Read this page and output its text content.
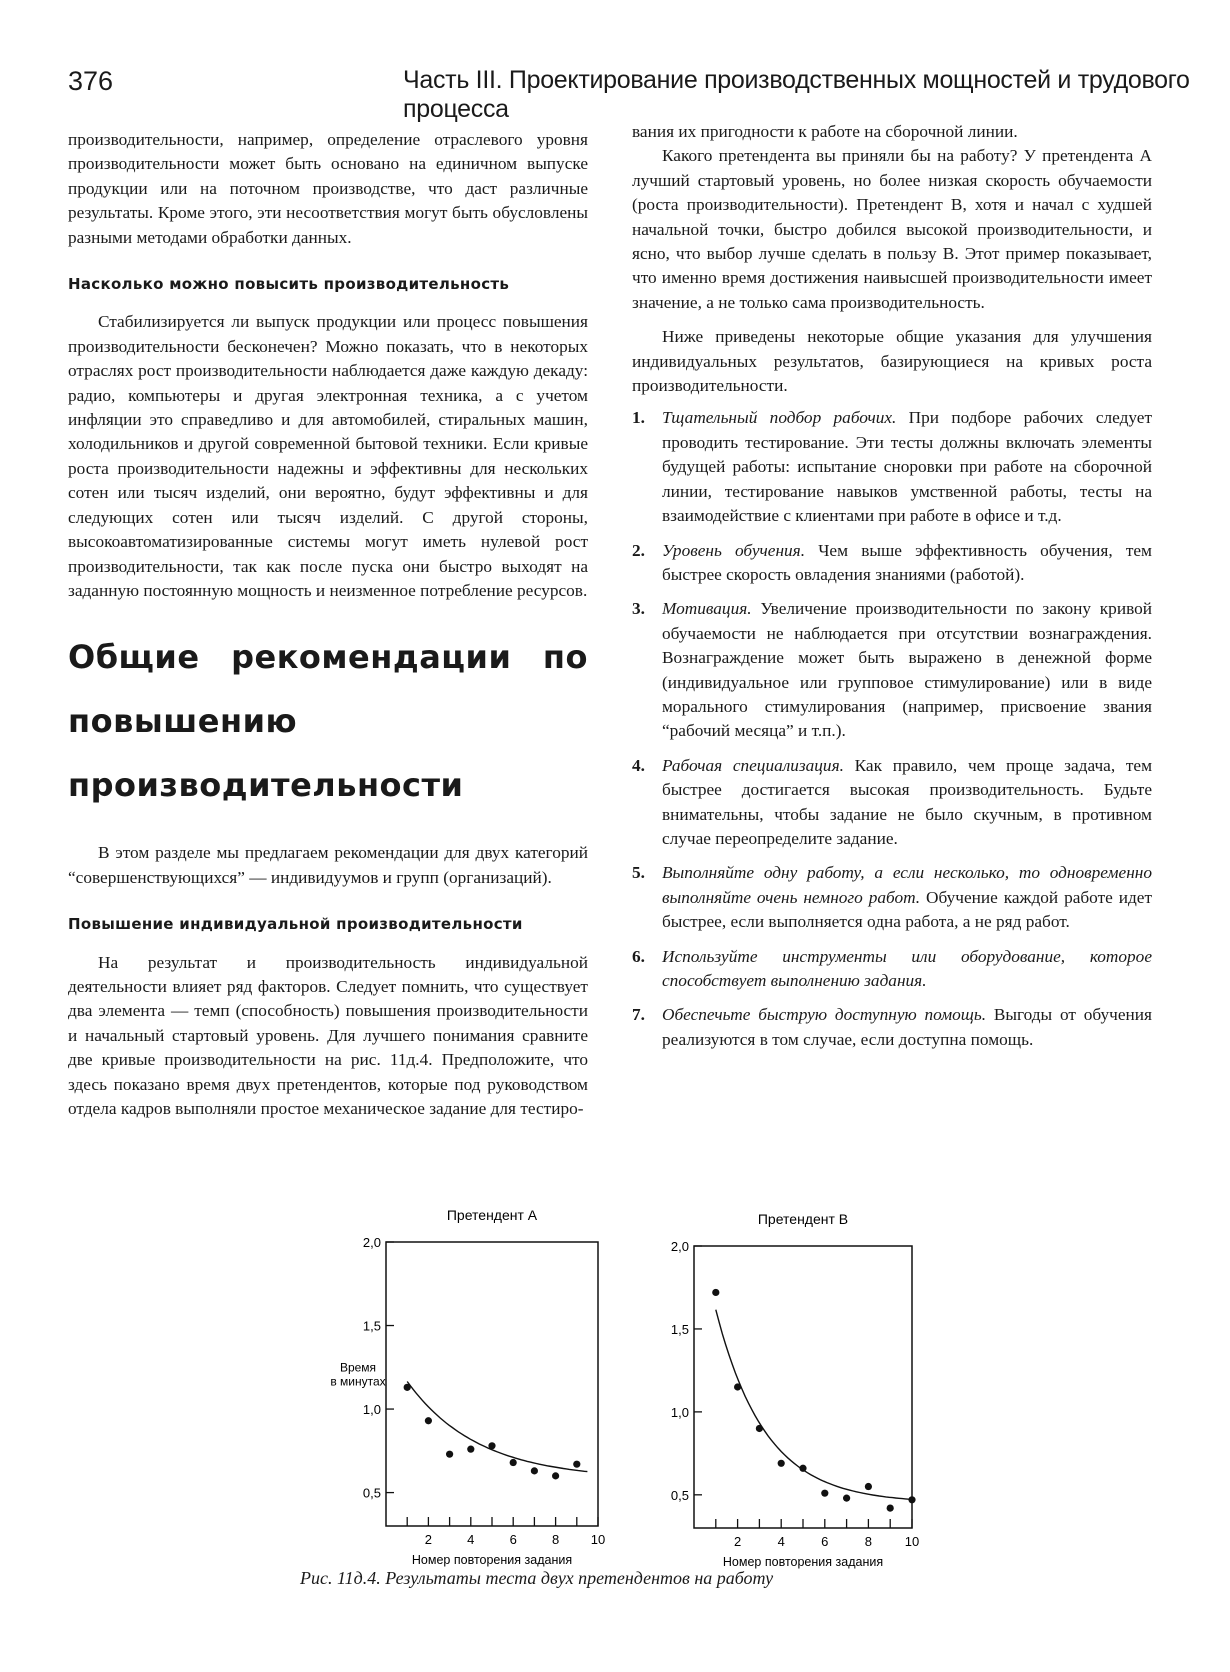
376	Часть III. Проектирование производственных мощностей и трудового процесса

производительности, например, определение отраслевого уровня производительности может быть основано на единичном выпуске продукции или на поточном производстве, что даст различные результаты. Кроме этого, эти несоответствия могут быть обусловлены разными методами обработки данных.

Насколько можно повысить производительность

Стабилизируется ли выпуск продукции или процесс повышения производительности бесконечен? Можно показать, что в некоторых отраслях рост производительности наблюдается даже каждую декаду: радио, компьютеры и другая электронная техника, а с учетом инфляции это справедливо и для автомобилей, стиральных машин, холодильников и другой современной бытовой техники. Если кривые роста производительности надежны и эффективны для нескольких сотен или тысяч изделий, они вероятно, будут эффективны и для следующих сотен или тысяч изделий. С другой стороны, высокоавтоматизированные системы могут иметь нулевой рост производительности, так как после пуска они быстро выходят на заданную постоянную мощность и неизменное потребление ресурсов.

Общие рекомендации по повышению производительности

В этом разделе мы предлагаем рекомендации для двух категорий “совершенствующихся” — индивидуумов и групп (организаций).

Повышение индивидуальной производительности

На результат и производительность индивидуальной деятельности влияет ряд факторов. Следует помнить, что существует два элемента — темп (способность) повышения производительности и начальный стартовый уровень. Для лучшего понимания сравните две кривые производительности на рис. 11д.4. Предположите, что здесь показано время двух претендентов, которые под руководством отдела кадров выполняли простое механическое задание для тестиро-

вания их пригодности к работе на сборочной линии.

Какого претендента вы приняли бы на работу? У претендента А лучший стартовый уровень, но более низкая скорость обучаемости (роста производительности). Претендент В, хотя и начал с худшей начальной точки, быстро добился высокой производительности, и ясно, что выбор лучше сделать в пользу В. Этот пример показывает, что именно время достижения наивысшей производительности имеет значение, а не только сама производительность.

Ниже приведены некоторые общие указания для улучшения индивидуальных результатов, базирующиеся на кривых роста производительности.

1. Тщательный подбор рабочих. При подборе рабочих следует проводить тестирование. Эти тесты должны включать элементы будущей работы: испытание сноровки при работе на сборочной линии, тестирование навыков умственной работы, тесты на взаимодействие с клиентами при работе в офисе и т.д.
2. Уровень обучения. Чем выше эффективность обучения, тем быстрее скорость овладения знаниями (работой).
3. Мотивация. Увеличение производительности по закону кривой обучаемости не наблюдается при отсутствии вознаграждения. Вознаграждение может быть выражено в денежной форме (индивидуальное или групповое стимулирование) или в виде морального стимулирования (например, присвоение звания “рабочий месяца” и т.п.).
4. Рабочая специализация. Как правило, чем проще задача, тем быстрее достигается высокая производительность. Будьте внимательны, чтобы задание не было скучным, в противном случае переопределите задание.
5. Выполняйте одну работу, а если несколько, то одновременно выполняйте очень немного работ. Обучение каждой работе идет быстрее, если выполняется одна работа, а не ряд работ.
6. Используйте инструменты или оборудование, которое способствует выполнению задания.
7. Обеспечьте быструю доступную помощь. Выгоды от обучения реализуются в том случае, если доступна помощь.
Претендент А
0,5
1,0
1,5
2,0
2	4	6	8 10
Номер повторения задания
Время
в минутах
Претендент В
0,5
1,0
1,5
2,0
2	4	6	8	10
Номер повторения задания
Рис. 11д.4. Результаты теста двух претендентов на работу
